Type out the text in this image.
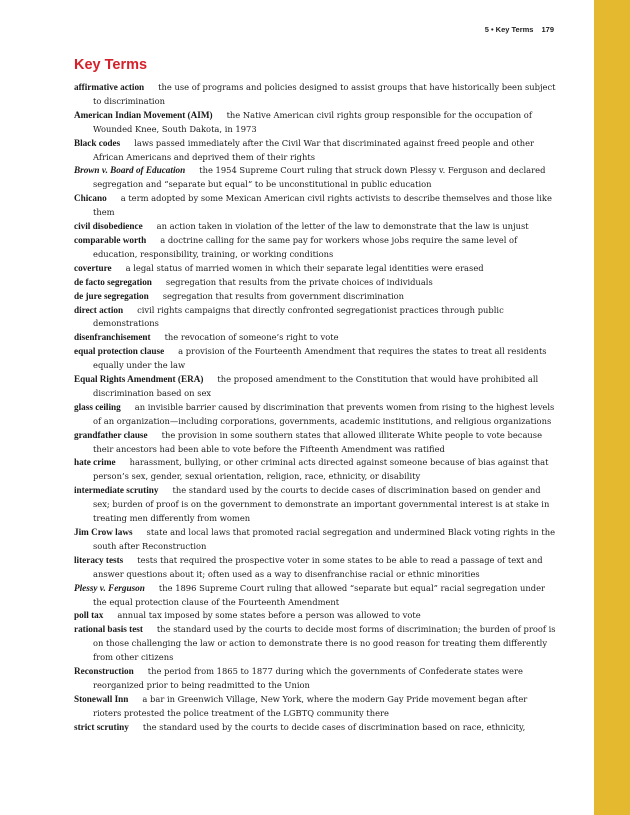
5 • Key Terms 179
Key Terms

affirmative action the use of programs and policies designed to assist groups that have historically been subject to discrimination

American Indian Movement (AIM) the Native American civil rights group responsible for the occupation of Wounded Knee, South Dakota, in 1973

Black codes laws passed immediately after the Civil War that discriminated against freed people and other African Americans and deprived them of their rights

Brown v. Board of Education the 1954 Supreme Court ruling that struck down Plessy v. Ferguson and declared segregation and “separate but equal” to be unconstitutional in public education

Chicano a term adopted by some Mexican American civil rights activists to describe themselves and those like them

civil disobedience an action taken in violation of the letter of the law to demonstrate that the law is unjust

comparable worth a doctrine calling for the same pay for workers whose jobs require the same level of education, responsibility, training, or working conditions

coverture a legal status of married women in which their separate legal identities were erased

de facto segregation segregation that results from the private choices of individuals

de jure segregation segregation that results from government discrimination

direct action civil rights campaigns that directly confronted segregationist practices through public demonstrations

disenfranchisement the revocation of someone’s right to vote

equal protection clause a provision of the Fourteenth Amendment that requires the states to treat all residents equally under the law

Equal Rights Amendment (ERA) the proposed amendment to the Constitution that would have prohibited all discrimination based on sex

glass ceiling an invisible barrier caused by discrimination that prevents women from rising to the highest levels of an organization—including corporations, governments, academic institutions, and religious organizations

grandfather clause the provision in some southern states that allowed illiterate White people to vote because their ancestors had been able to vote before the Fifteenth Amendment was ratified

hate crime harassment, bullying, or other criminal acts directed against someone because of bias against that person’s sex, gender, sexual orientation, religion, race, ethnicity, or disability

intermediate scrutiny the standard used by the courts to decide cases of discrimination based on gender and sex; burden of proof is on the government to demonstrate an important governmental interest is at stake in treating men differently from women

Jim Crow laws state and local laws that promoted racial segregation and undermined Black voting rights in the south after Reconstruction

literacy tests tests that required the prospective voter in some states to be able to read a passage of text and answer questions about it; often used as a way to disenfranchise racial or ethnic minorities

Plessy v. Ferguson the 1896 Supreme Court ruling that allowed “separate but equal” racial segregation under the equal protection clause of the Fourteenth Amendment

poll tax annual tax imposed by some states before a person was allowed to vote

rational basis test the standard used by the courts to decide most forms of discrimination; the burden of proof is on those challenging the law or action to demonstrate there is no good reason for treating them differently from other citizens

Reconstruction the period from 1865 to 1877 during which the governments of Confederate states were reorganized prior to being readmitted to the Union

Stonewall Inn a bar in Greenwich Village, New York, where the modern Gay Pride movement began after rioters protested the police treatment of the LGBTQ community there

strict scrutiny the standard used by the courts to decide cases of discrimination based on race, ethnicity,
